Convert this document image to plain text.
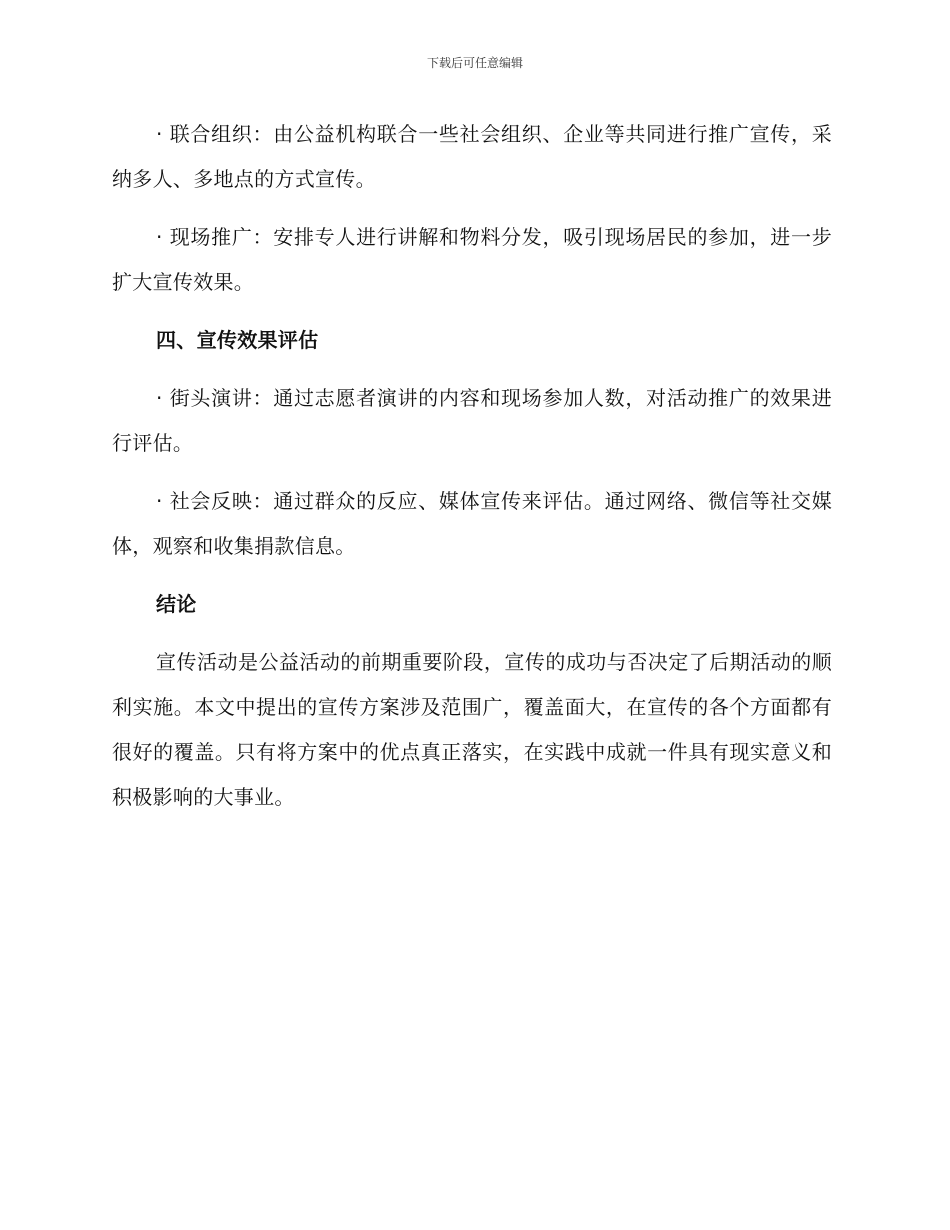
下载后可任意编辑

· 联合组织：由公益机构联合一些社会组织、企业等共同进行推广宣传，采纳多人、多地点的方式宣传。

· 现场推广：安排专人进行讲解和物料分发，吸引现场居民的参加，进一步扩大宣传效果。

四、宣传效果评估

· 街头演讲：通过志愿者演讲的内容和现场参加人数，对活动推广的效果进行评估。

· 社会反映：通过群众的反应、媒体宣传来评估。通过网络、微信等社交媒体，观察和收集捐款信息。

结论

宣传活动是公益活动的前期重要阶段，宣传的成功与否决定了后期活动的顺利实施。本文中提出的宣传方案涉及范围广，覆盖面大，在宣传的各个方面都有很好的覆盖。只有将方案中的优点真正落实，在实践中成就一件具有现实意义和积极影响的大事业。
